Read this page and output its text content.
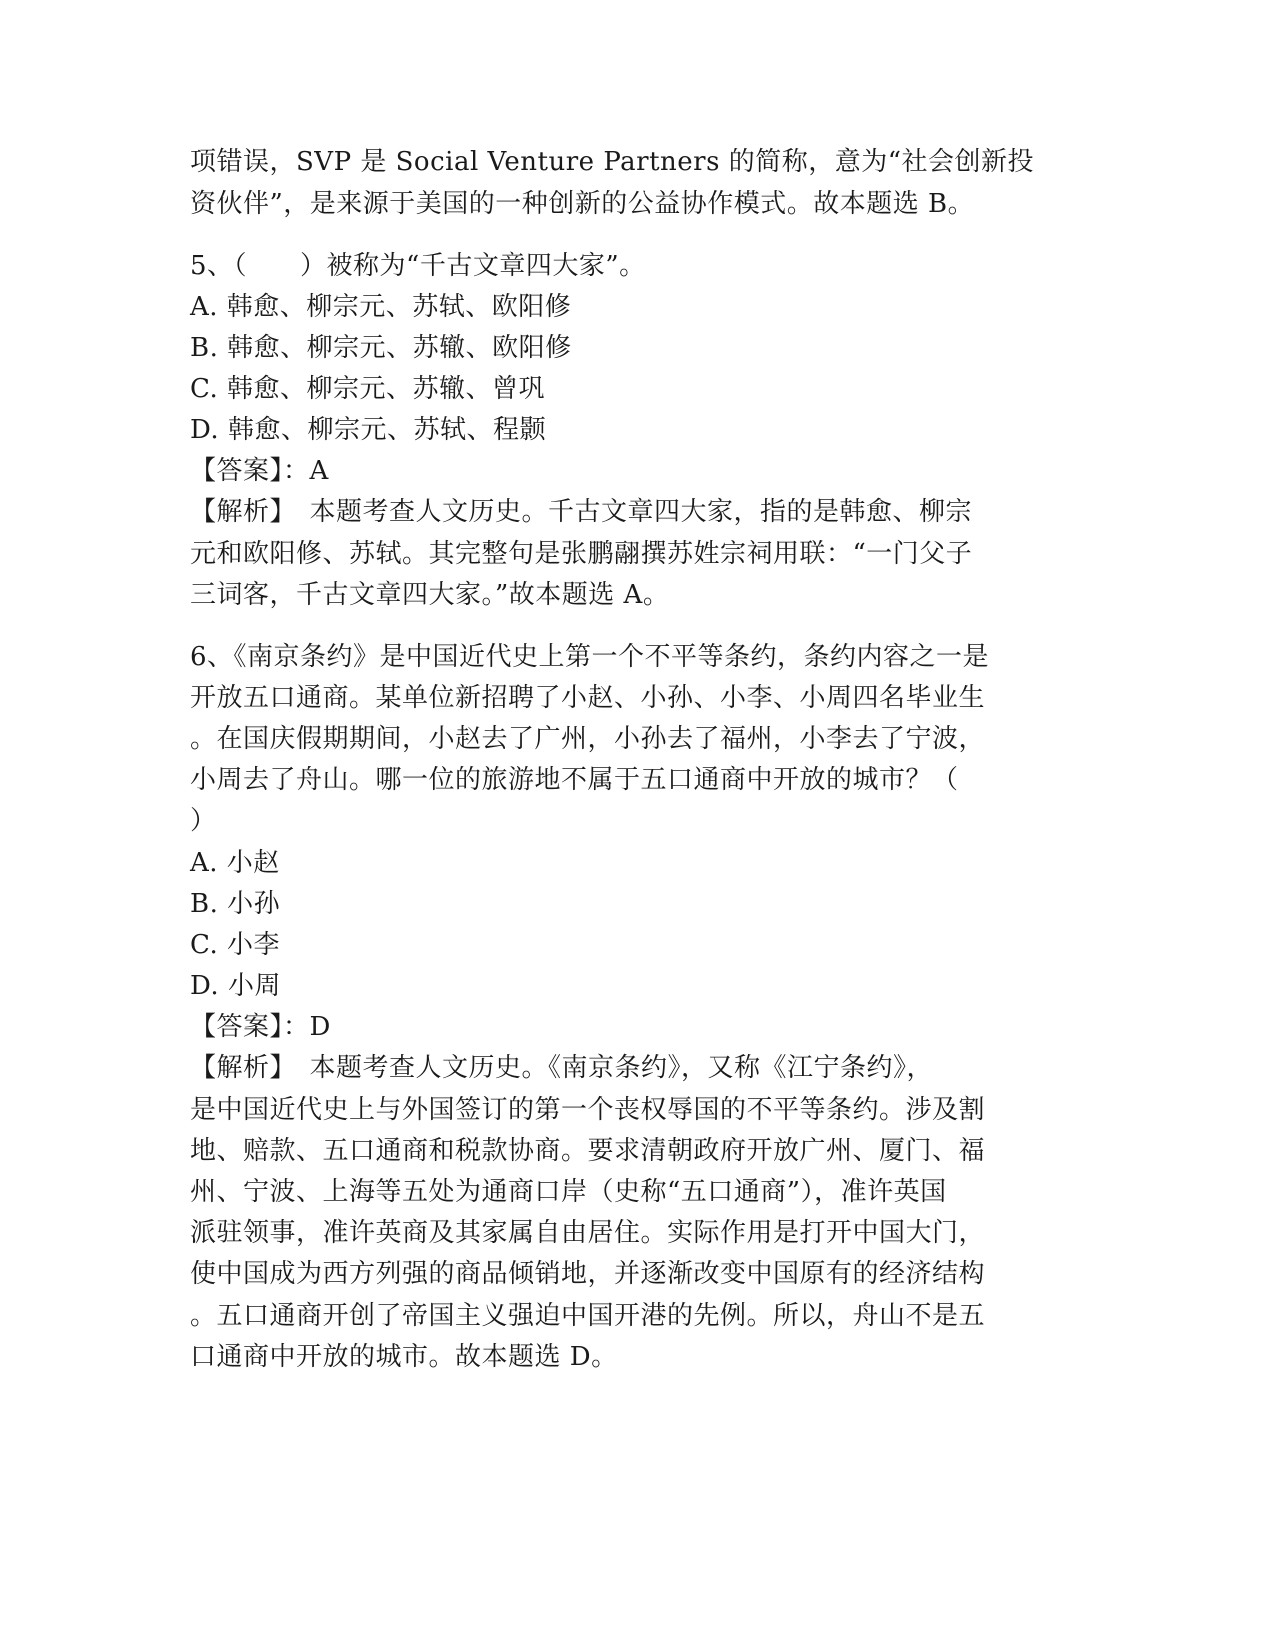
项错误，SVP 是 Social Venture Partners 的简称，意为“社会创新投
资伙伴”，是来源于美国的一种创新的公益协作模式。故本题选 B。
5、（　　）被称为“千古文章四大家”。
A. 韩愈、柳宗元、苏轼、欧阳修
B. 韩愈、柳宗元、苏辙、欧阳修
C. 韩愈、柳宗元、苏辙、曾巩
D. 韩愈、柳宗元、苏轼、程颢
【答案】：A
【解析】　本题考查人文历史。千古文章四大家，指的是韩愈、柳宗
元和欧阳修、苏轼。其完整句是张鹏翮撰苏姓宗祠用联：“一门父子
三词客，千古文章四大家。”故本题选 A。
6、《南京条约》是中国近代史上第一个不平等条约，条约内容之一是
开放五口通商。某单位新招聘了小赵、小孙、小李、小周四名毕业生
。在国庆假期期间，小赵去了广州，小孙去了福州，小李去了宁波，
小周去了舟山。哪一位的旅游地不属于五口通商中开放的城市？（
）
A. 小赵
B. 小孙
C. 小李
D. 小周
【答案】：D
【解析】　本题考查人文历史。《南京条约》，又称《江宁条约》，
是中国近代史上与外国签订的第一个丧权辱国的不平等条约。涉及割
地、赔款、五口通商和税款协商。要求清朝政府开放广州、厦门、福
州、宁波、上海等五处为通商口岸（史称“五口通商”），准许英国
派驻领事，准许英商及其家属自由居住。实际作用是打开中国大门，
使中国成为西方列强的商品倾销地，并逐渐改变中国原有的经济结构
。五口通商开创了帝国主义强迫中国开港的先例。所以，舟山不是五
口通商中开放的城市。故本题选 D。
